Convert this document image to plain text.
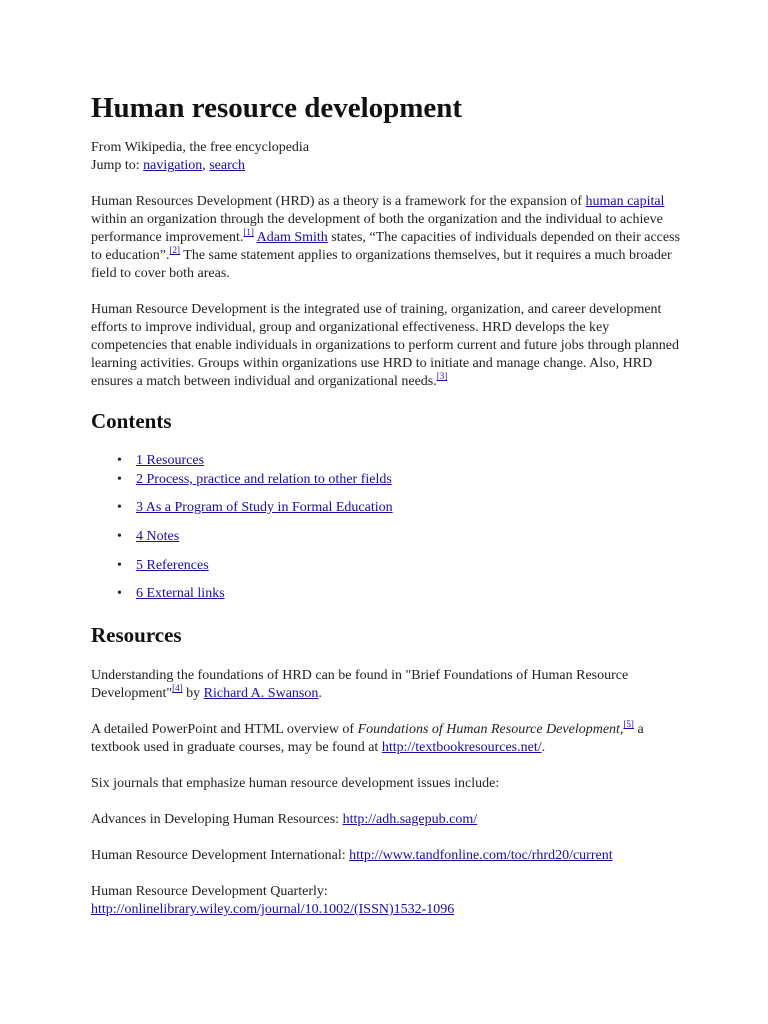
Human resource development
From Wikipedia, the free encyclopedia
Jump to: navigation, search

Human Resources Development (HRD) as a theory is a framework for the expansion of human capital within an organization through the development of both the organization and the individual to achieve performance improvement.[1] Adam Smith states, “The capacities of individuals depended on their access to education”.[2] The same statement applies to organizations themselves, but it requires a much broader field to cover both areas.

Human Resource Development is the integrated use of training, organization, and career development efforts to improve individual, group and organizational effectiveness. HRD develops the key competencies that enable individuals in organizations to perform current and future jobs through planned learning activities. Groups within organizations use HRD to initiate and manage change. Also, HRD ensures a match between individual and organizational needs.[3]

Contents
• 1 Resources
• 2 Process, practice and relation to other fields
• 3 As a Program of Study in Formal Education
• 4 Notes
• 5 References
• 6 External links
Resources

Understanding the foundations of HRD can be found in "Brief Foundations of Human Resource Development"[4] by Richard A. Swanson.

A detailed PowerPoint and HTML overview of Foundations of Human Resource Development,[5] a textbook used in graduate courses, may be found at http://textbookresources.net/.

Six journals that emphasize human resource development issues include:

Advances in Developing Human Resources: http://adh.sagepub.com/

Human Resource Development International: http://www.tandfonline.com/toc/rhrd20/current

Human Resource Development Quarterly: http://onlinelibrary.wiley.com/journal/10.1002/(ISSN)1532-1096
